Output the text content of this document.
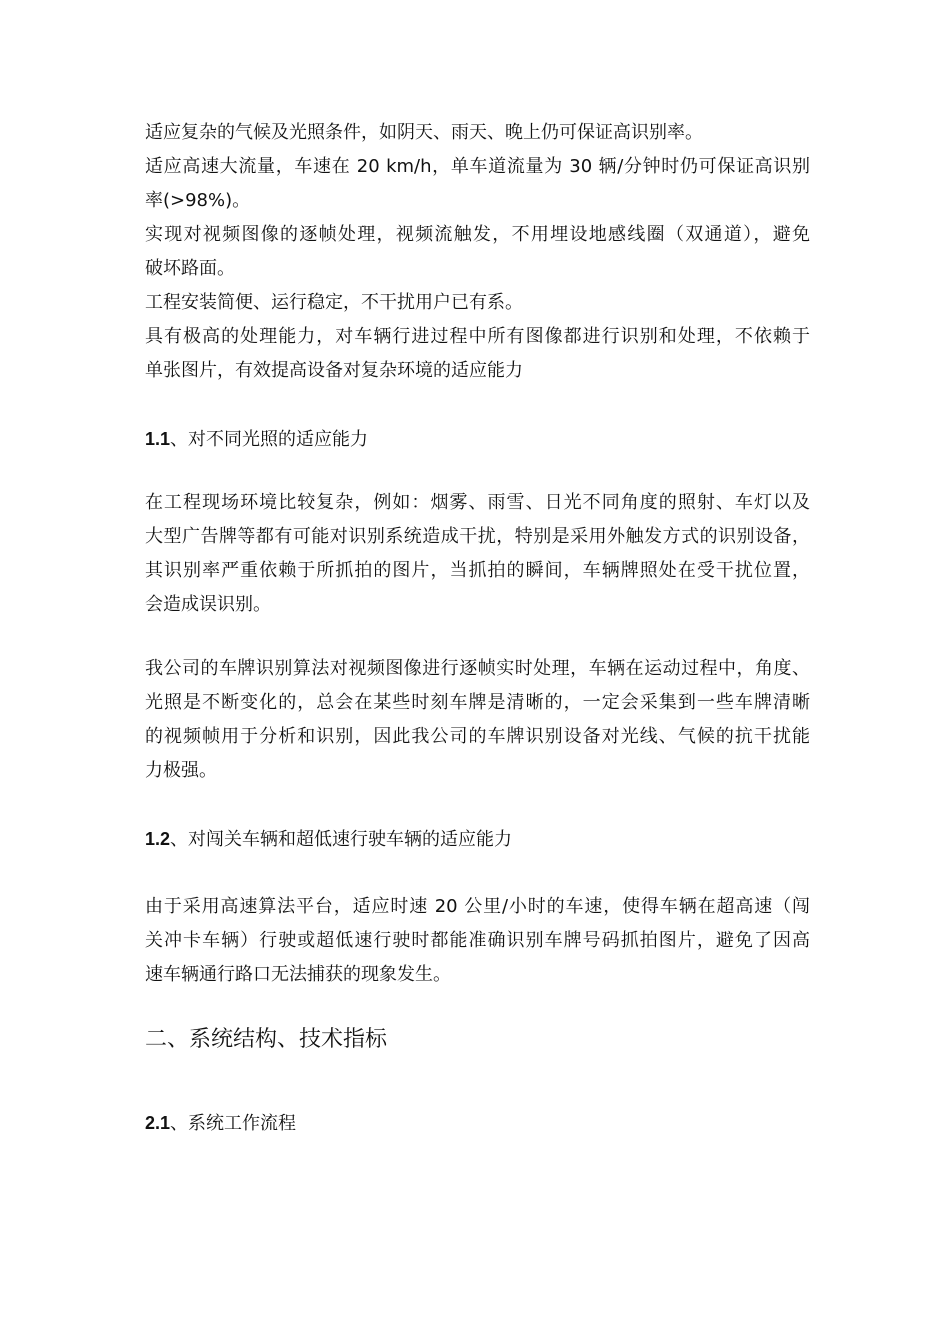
适应复杂的气候及光照条件，如阴天、雨天、晚上仍可保证高识别率。
适应高速大流量，车速在 20 km/h，单车道流量为 30 辆/分钟时仍可保证高识别
率(>98%)。
实现对视频图像的逐帧处理，视频流触发，不用埋设地感线圈（双通道），避免
破坏路面。
工程安装简便、运行稳定，不干扰用户已有系。
具有极高的处理能力，对车辆行进过程中所有图像都进行识别和处理，不依赖于
单张图片，有效提高设备对复杂环境的适应能力
1.1、对不同光照的适应能力
在工程现场环境比较复杂，例如：烟雾、雨雪、日光不同角度的照射、车灯以及
大型广告牌等都有可能对识别系统造成干扰，特别是采用外触发方式的识别设备，
其识别率严重依赖于所抓拍的图片，当抓拍的瞬间，车辆牌照处在受干扰位置，
会造成误识别。
我公司的车牌识别算法对视频图像进行逐帧实时处理，车辆在运动过程中，角度、
光照是不断变化的，总会在某些时刻车牌是清晰的，一定会采集到一些车牌清晰
的视频帧用于分析和识别，因此我公司的车牌识别设备对光线、气候的抗干扰能
力极强。
1.2、对闯关车辆和超低速行驶车辆的适应能力
由于采用高速算法平台，适应时速 20 公里/小时的车速，使得车辆在超高速（闯
关冲卡车辆）行驶或超低速行驶时都能准确识别车牌号码抓拍图片，避免了因高
速车辆通行路口无法捕获的现象发生。
二、系统结构、技术指标
2.1、系统工作流程
